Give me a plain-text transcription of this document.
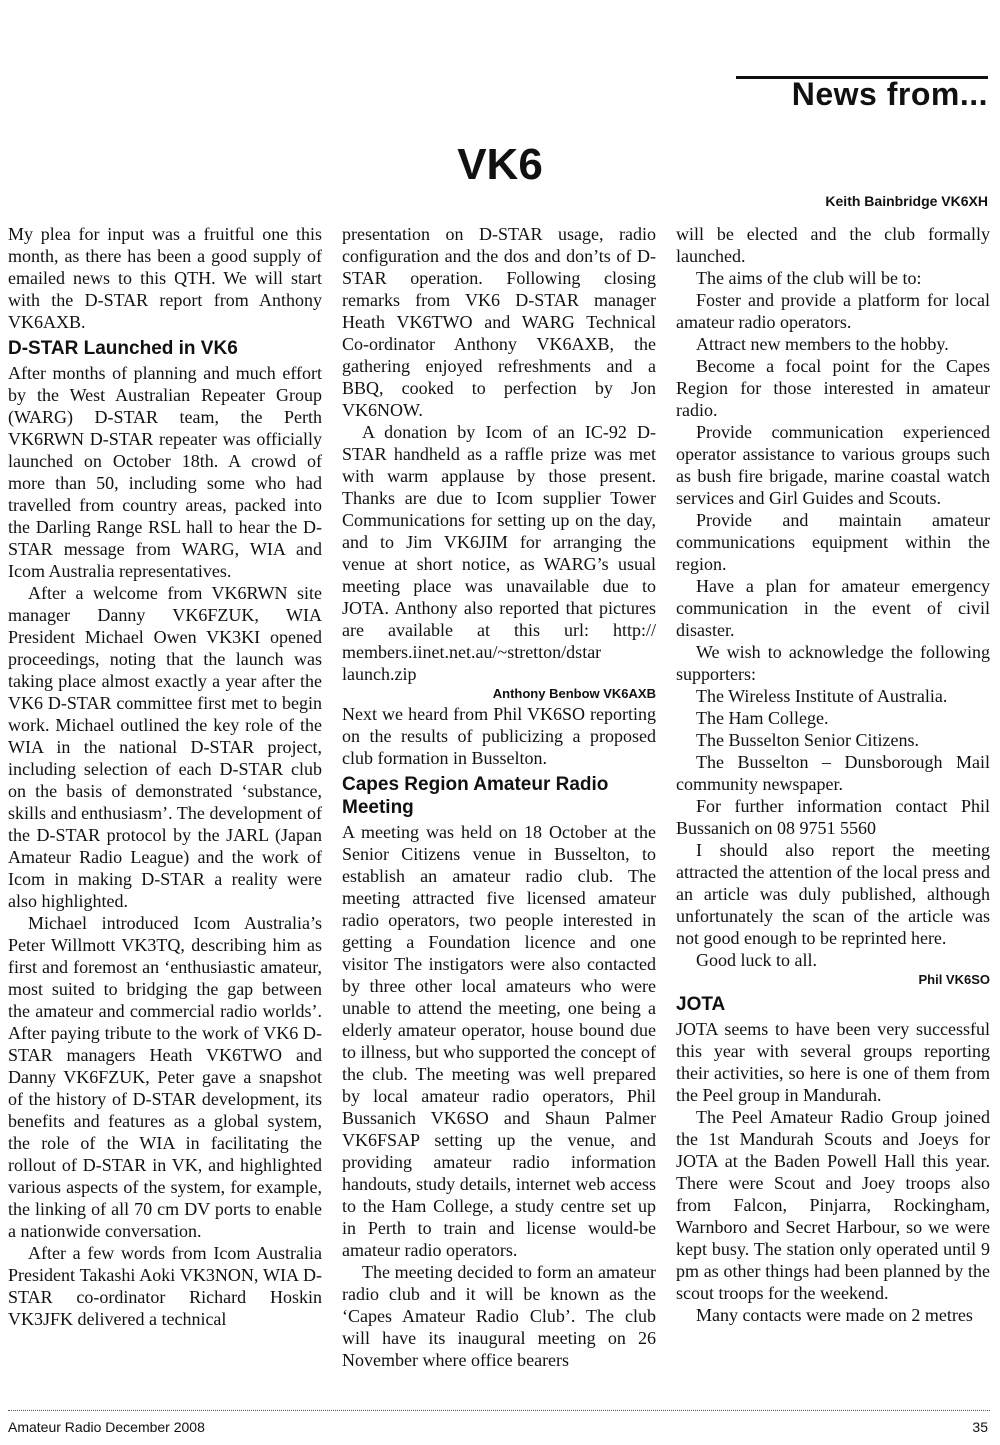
News from...
VK6
Keith Bainbridge VK6XH

My plea for input was a fruitful one this month, as there has been a good supply of emailed news to this QTH. We will start with the D-STAR report from Anthony VK6AXB.

D-STAR Launched in VK6

After months of planning and much effort by the West Australian Repeater Group (WARG) D-STAR team, the Perth VK6RWN D-STAR repeater was officially launched on October 18th. A crowd of more than 50, including some who had travelled from country areas, packed into the Darling Range RSL hall to hear the D-STAR message from WARG, WIA and Icom Australia representatives.

After a welcome from VK6RWN site manager Danny VK6FZUK, WIA President Michael Owen VK3KI opened proceedings, noting that the launch was taking place almost exactly a year after the VK6 D-STAR committee first met to begin work. Michael outlined the key role of the WIA in the national D-STAR project, including selection of each D-STAR club on the basis of demonstrated ‘substance, skills and enthusiasm’. The development of the D-STAR protocol by the JARL (Japan Amateur Radio League) and the work of Icom in making D-STAR a reality were also highlighted.

Michael introduced Icom Australia’s Peter Willmott VK3TQ, describing him as first and foremost an ‘enthusiastic amateur, most suited to bridging the gap between the amateur and commercial radio worlds’. After paying tribute to the work of VK6 D-STAR managers Heath VK6TWO and Danny VK6FZUK, Peter gave a snapshot of the history of D-STAR development, its benefits and features as a global system, the role of the WIA in facilitating the rollout of D-STAR in VK, and highlighted various aspects of the system, for example, the linking of all 70 cm DV ports to enable a nationwide conversation.

After a few words from Icom Australia President Takashi Aoki VK3NON, WIA D-STAR co-ordinator Richard Hoskin VK3JFK delivered a technical

presentation on D-STAR usage, radio configuration and the dos and don’ts of D-STAR operation. Following closing remarks from VK6 D-STAR manager Heath VK6TWO and WARG Technical Co-ordinator Anthony VK6AXB, the gathering enjoyed refreshments and a BBQ, cooked to perfection by Jon VK6NOW.

A donation by Icom of an IC-92 D-STAR handheld as a raffle prize was met with warm applause by those present. Thanks are due to Icom supplier Tower Communications for setting up on the day, and to Jim VK6JIM for arranging the venue at short notice, as WARG’s usual meeting place was unavailable due to JOTA. Anthony also reported that pictures are available at this url: http:// members.iinet.net.au/~stretton/dstar launch.zip

Anthony Benbow VK6AXB

Next we heard from Phil VK6SO reporting on the results of publicizing a proposed club formation in Busselton.

Capes Region Amateur Radio Meeting

A meeting was held on 18 October at the Senior Citizens venue in Busselton, to establish an amateur radio club. The meeting attracted five licensed amateur radio operators, two people interested in getting a Foundation licence and one visitor The instigators were also contacted by three other local amateurs who were unable to attend the meeting, one being a elderly amateur operator, house bound due to illness, but who supported the concept of the club. The meeting was well prepared by local amateur radio operators, Phil Bussanich VK6SO and Shaun Palmer VK6FSAP setting up the venue, and providing amateur radio information handouts, study details, internet web access to the Ham College, a study centre set up in Perth to train and license would-be amateur radio operators.

The meeting decided to form an amateur radio club and it will be known as the ‘Capes Amateur Radio Club’. The club will have its inaugural meeting on 26 November where office bearers

will be elected and the club formally launched.

The aims of the club will be to:

Foster and provide a platform for local amateur radio operators.

Attract new members to the hobby.

Become a focal point for the Capes Region for those interested in amateur radio.

Provide communication experienced operator assistance to various groups such as bush fire brigade, marine coastal watch services and Girl Guides and Scouts.

Provide and maintain amateur communications equipment within the region.

Have a plan for amateur emergency communication in the event of civil disaster.

We wish to acknowledge the following supporters:

The Wireless Institute of Australia.

The Ham College.

The Busselton Senior Citizens.

The Busselton – Dunsborough Mail community newspaper.

For further information contact Phil Bussanich on 08 9751 5560

I should also report the meeting attracted the attention of the local press and an article was duly published, although unfortunately the scan of the article was not good enough to be reprinted here.

Good luck to all.

Phil VK6SO
JOTA

JOTA seems to have been very successful this year with several groups reporting their activities, so here is one of them from the Peel group in Mandurah.

The Peel Amateur Radio Group joined the 1st Mandurah Scouts and Joeys for JOTA at the Baden Powell Hall this year. There were Scout and Joey troops also from Falcon, Pinjarra, Rockingham, Warnboro and Secret Harbour, so we were kept busy. The station only operated until 9 pm as other things had been planned by the scout troops for the weekend.

Many contacts were made on 2 metres

Amateur Radio December 2008	35
